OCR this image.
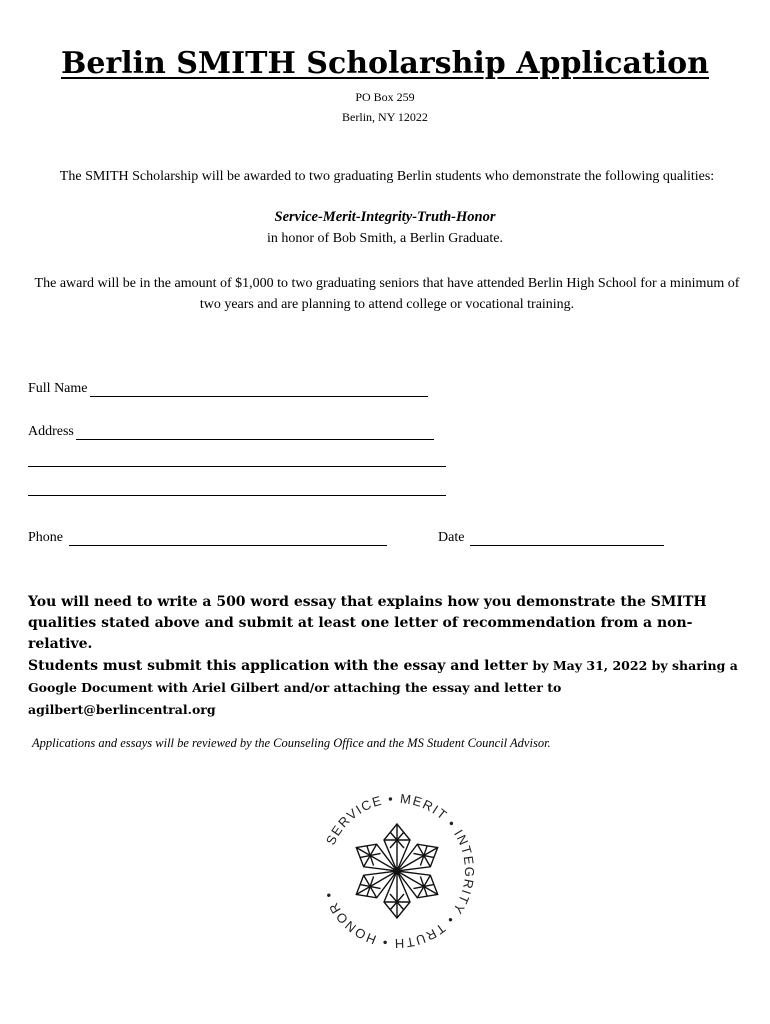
Berlin SMITH Scholarship Application
PO Box 259
Berlin, NY 12022
The SMITH Scholarship will be awarded to two graduating Berlin students who demonstrate the following qualities:
Service-Merit-Integrity-Truth-Honor
in honor of Bob Smith, a Berlin Graduate.
The award will be in the amount of $1,000 to two graduating seniors that have attended Berlin High School for a minimum of two years and are planning to attend college or vocational training.
Full Name
Address
Phone	Date
You will need to write a 500 word essay that explains how you demonstrate the SMITH qualities stated above and submit at least one letter of recommendation from a non-relative.
Students must submit this application with the essay and letter by May 31, 2022 by sharing a Google Document with Ariel Gilbert and/or attaching the essay and letter to agilbert@berlincentral.org
Applications and essays will be reviewed by the Counseling Office and the MS Student Council Advisor.
SERVICE • MERIT • INTEGRITY • TRUTH • HONOR •
